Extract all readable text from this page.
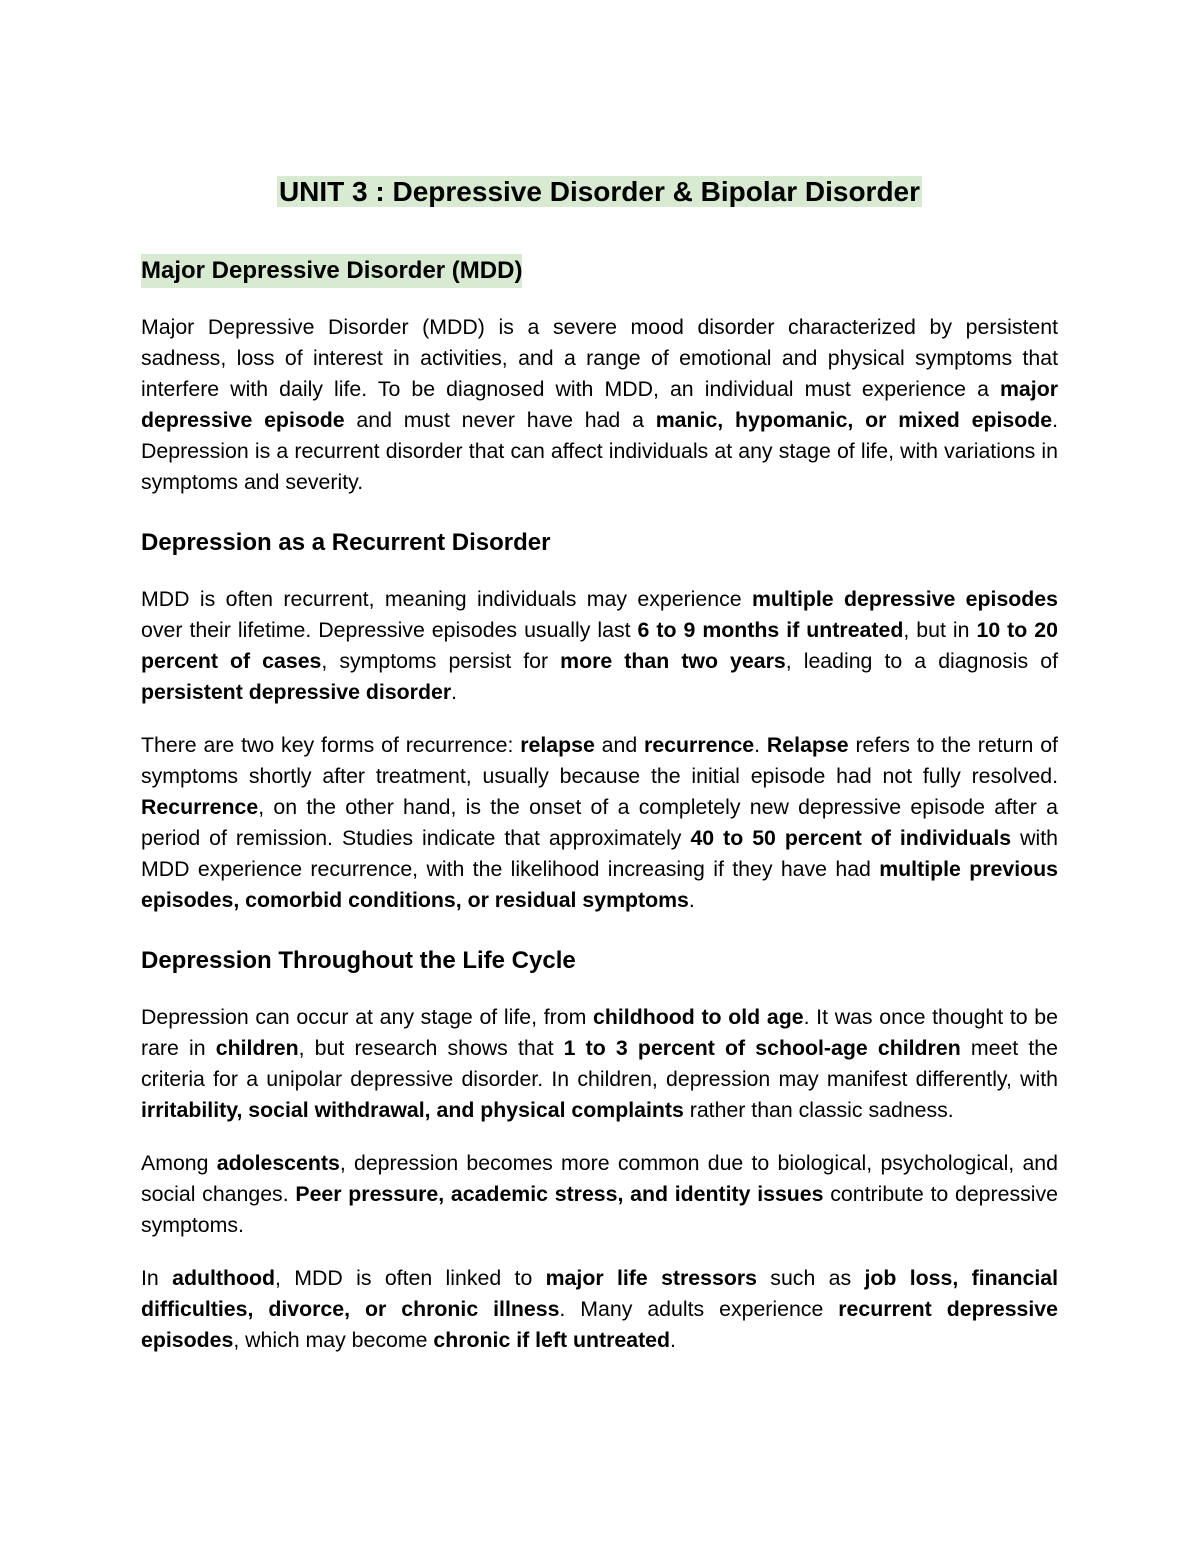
UNIT 3 : Depressive Disorder & Bipolar Disorder
Major Depressive Disorder (MDD)

Major Depressive Disorder (MDD) is a severe mood disorder characterized by persistent sadness, loss of interest in activities, and a range of emotional and physical symptoms that interfere with daily life. To be diagnosed with MDD, an individual must experience a major depressive episode and must never have had a manic, hypomanic, or mixed episode. Depression is a recurrent disorder that can affect individuals at any stage of life, with variations in symptoms and severity.

Depression as a Recurrent Disorder

MDD is often recurrent, meaning individuals may experience multiple depressive episodes over their lifetime. Depressive episodes usually last 6 to 9 months if untreated, but in 10 to 20 percent of cases, symptoms persist for more than two years, leading to a diagnosis of persistent depressive disorder.

There are two key forms of recurrence: relapse and recurrence. Relapse refers to the return of symptoms shortly after treatment, usually because the initial episode had not fully resolved. Recurrence, on the other hand, is the onset of a completely new depressive episode after a period of remission. Studies indicate that approximately 40 to 50 percent of individuals with MDD experience recurrence, with the likelihood increasing if they have had multiple previous episodes, comorbid conditions, or residual symptoms.

Depression Throughout the Life Cycle

Depression can occur at any stage of life, from childhood to old age. It was once thought to be rare in children, but research shows that 1 to 3 percent of school-age children meet the criteria for a unipolar depressive disorder. In children, depression may manifest differently, with irritability, social withdrawal, and physical complaints rather than classic sadness.

Among adolescents, depression becomes more common due to biological, psychological, and social changes. Peer pressure, academic stress, and identity issues contribute to depressive symptoms.

In adulthood, MDD is often linked to major life stressors such as job loss, financial difficulties, divorce, or chronic illness. Many adults experience recurrent depressive episodes, which may become chronic if left untreated.
